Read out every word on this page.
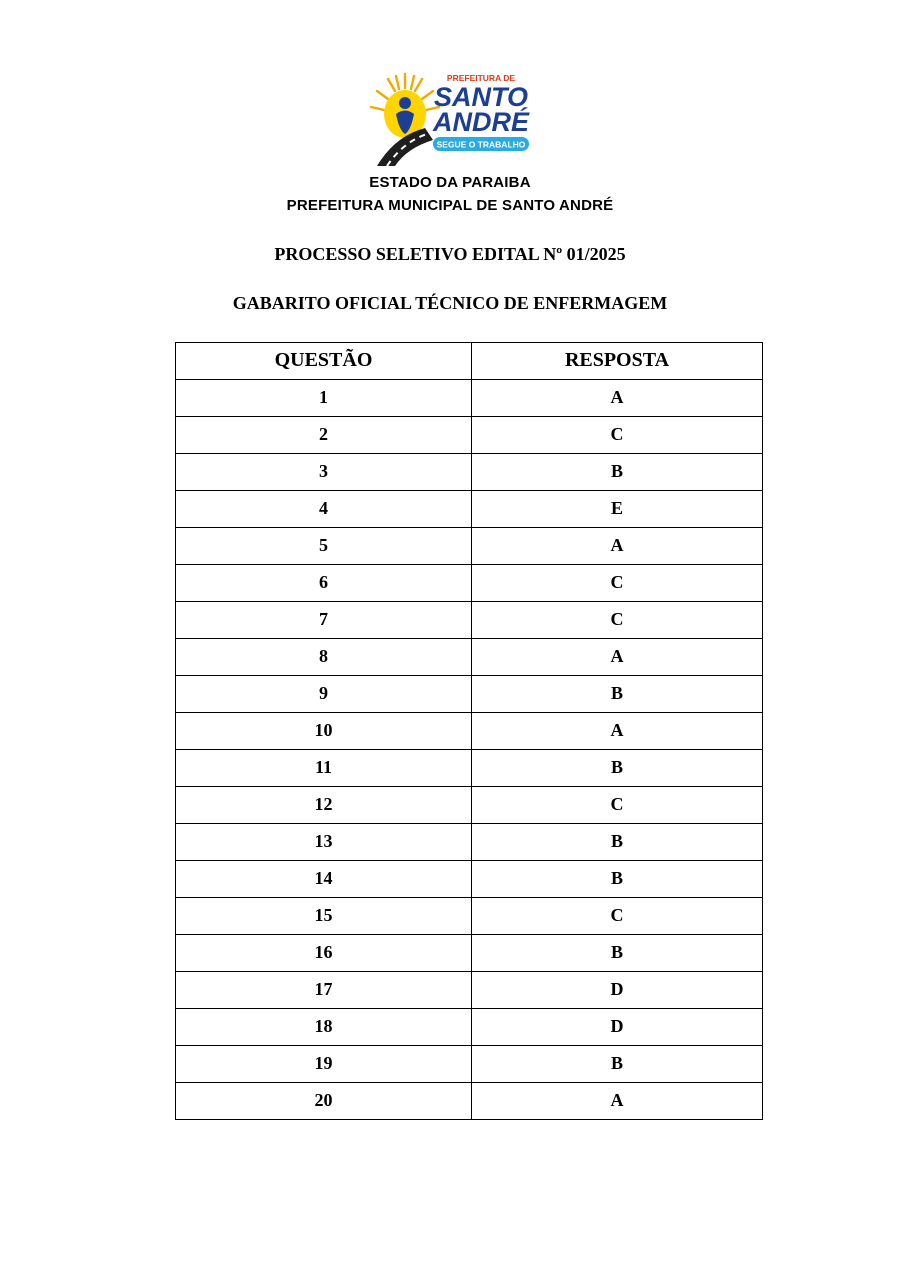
PREFEITURA DE
SANTO
ANDRÉ
SEGUE O TRABALHO
ESTADO DA PARAIBA
PREFEITURA MUNICIPAL DE SANTO ANDRÉ
PROCESSO SELETIVO EDITAL Nº 01/2025
GABARITO OFICIAL TÉCNICO DE ENFERMAGEM
QUESTÃO	RESPOSTA
1	A
2	C
3	B
4	E
5	A
6	C
7	C
8	A
9	B
10	A
11	B
12	C
13	B
14	B
15	C
16	B
17	D
18	D
19	B
20	A
